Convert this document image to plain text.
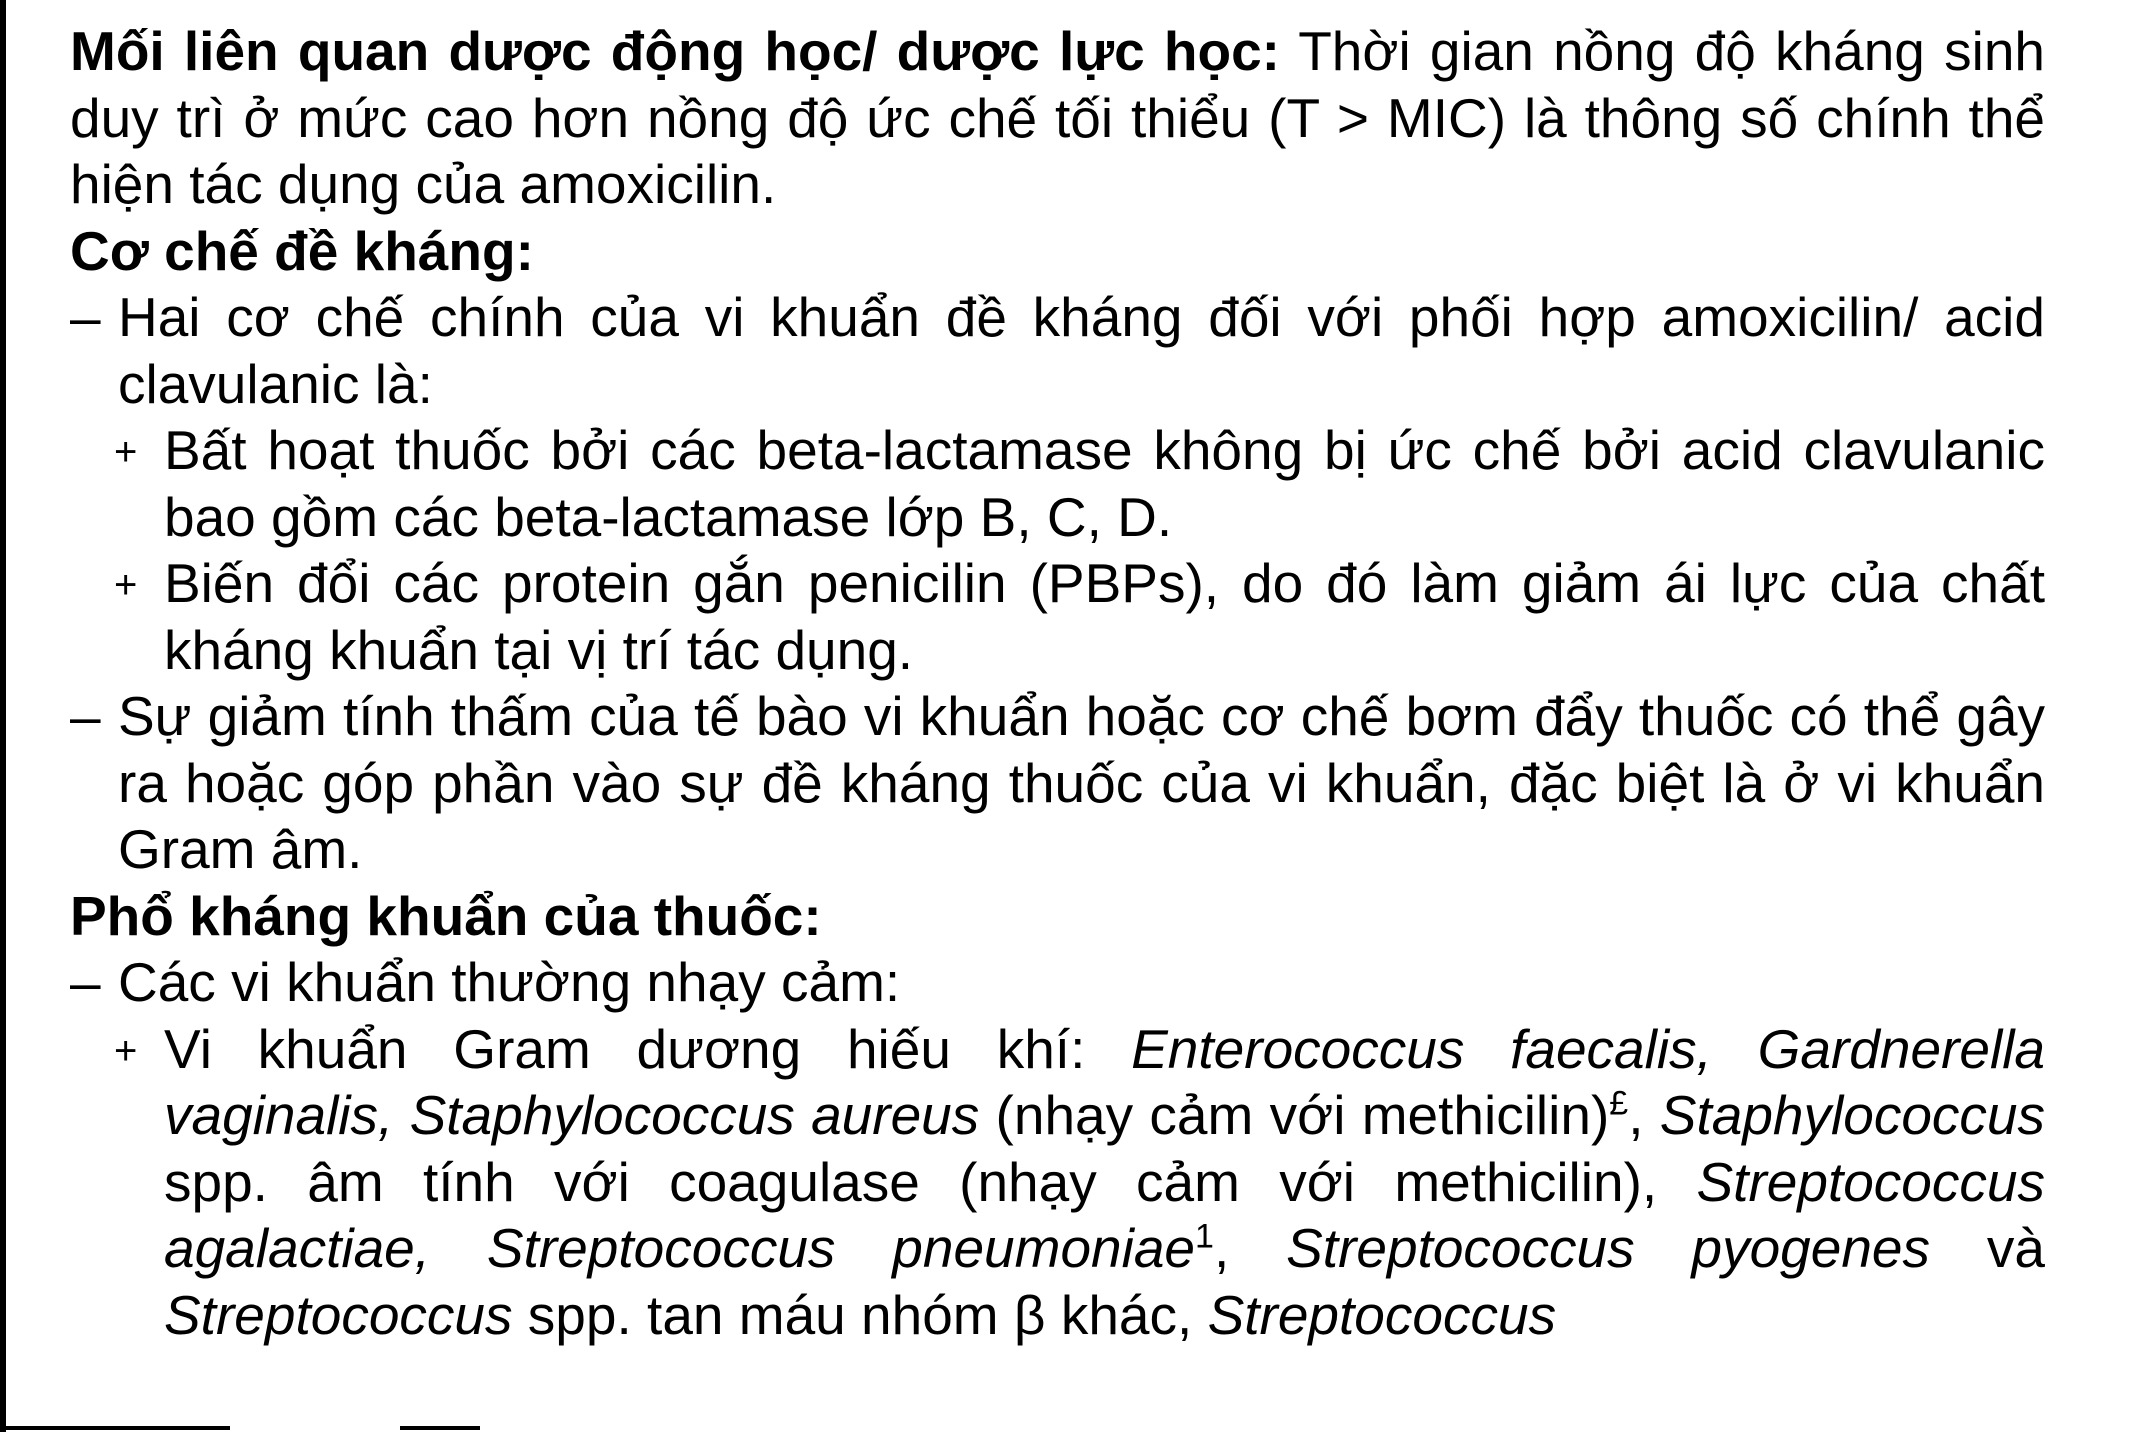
Mối liên quan dược động học/ dược lực học: Thời gian nồng độ kháng sinh duy trì ở mức cao hơn nồng độ ức chế tối thiểu (T > MIC) là thông số chính thể hiện tác dụng của amoxicilin.

Cơ chế đề kháng:

– Hai cơ chế chính của vi khuẩn đề kháng đối với phối hợp amoxicilin/ acid clavulanic là:
+ Bất hoạt thuốc bởi các beta-lactamase không bị ức chế bởi acid clavulanic bao gồm các beta-lactamase lớp B, C, D.
+ Biến đổi các protein gắn penicilin (PBPs), do đó làm giảm ái lực của chất kháng khuẩn tại vị trí tác dụng.
– Sự giảm tính thấm của tế bào vi khuẩn hoặc cơ chế bơm đẩy thuốc có thể gây ra hoặc góp phần vào sự đề kháng thuốc của vi khuẩn, đặc biệt là ở vi khuẩn Gram âm.

Phổ kháng khuẩn của thuốc:

– Các vi khuẩn thường nhạy cảm:
+ Vi khuẩn Gram dương hiếu khí: Enterococcus faecalis, Gardnerella vaginalis, Staphylococcus aureus (nhạy cảm với methicilin)£, Staphylococcus spp. âm tính với coagulase (nhạy cảm với methicilin), Streptococcus agalactiae, Streptococcus pneumoniae$^1$, Streptococcus pyogenes và Streptococcus spp. tan máu nhóm β khác, Streptococcus
